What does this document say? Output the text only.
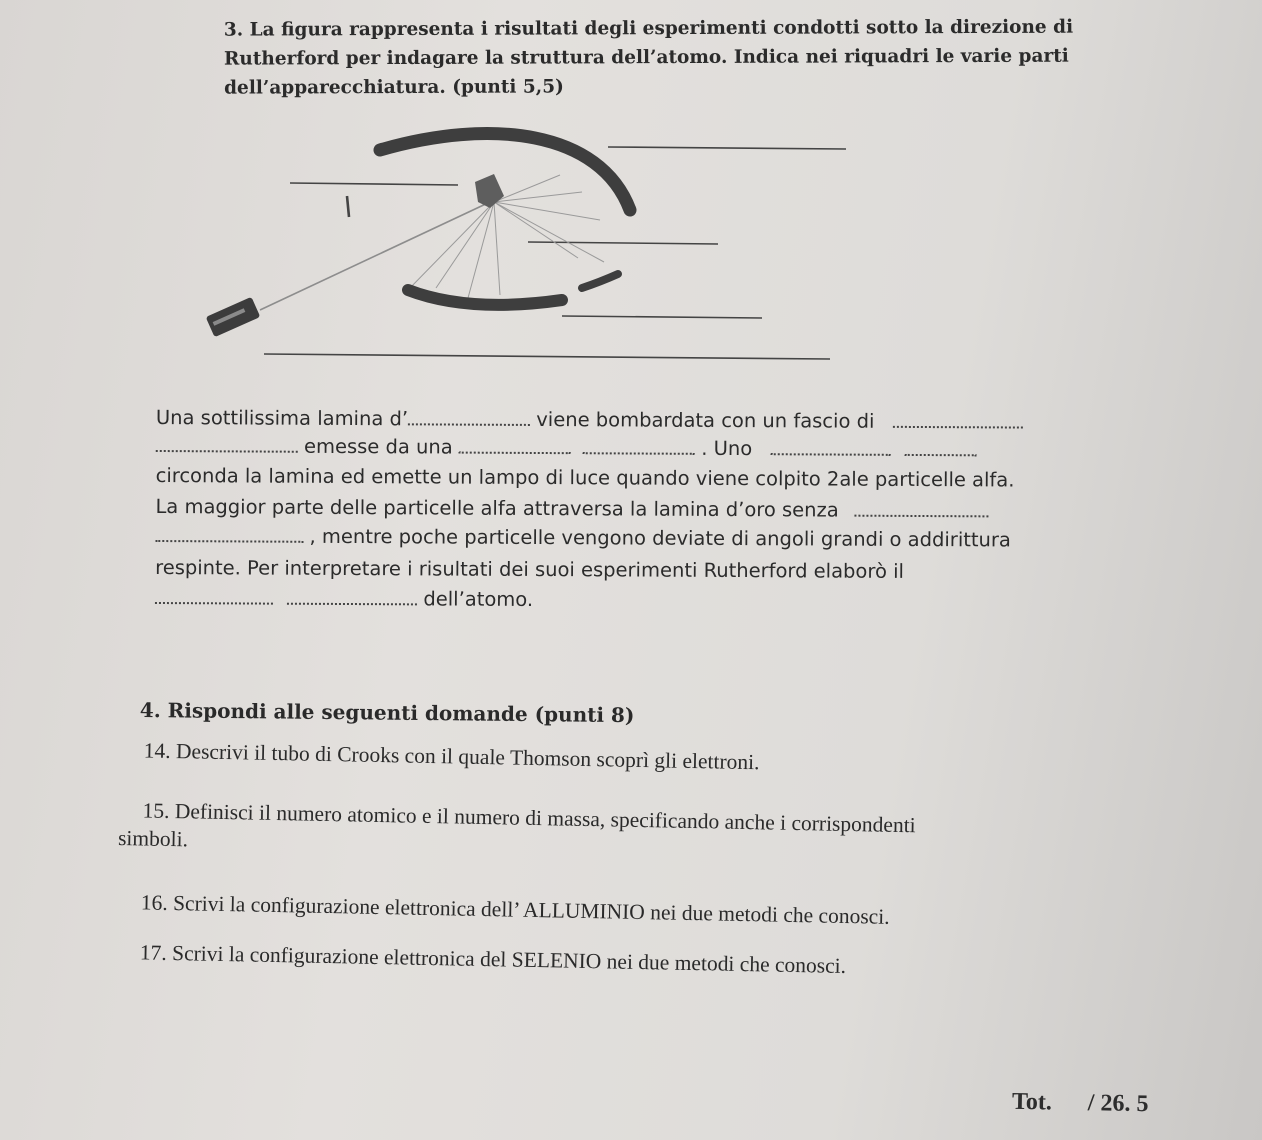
3. La figura rappresenta i risultati degli esperimenti condotti sotto la direzione di
Rutherford per indagare la struttura dell’atomo. Indica nei riquadri le varie parti
dell’apparecchiatura. (punti 5,5)
Una sottilissima lamina d’	viene bombardata con un fascio di
emesse da una	. Uno
circonda la lamina ed emette un lampo di luce quando viene colpito 2ale particelle alfa.
La maggior parte delle particelle alfa attraversa la lamina d’oro senza
, mentre poche particelle vengono deviate di angoli grandi o addirittura
respinte. Per interpretare i risultati dei suoi esperimenti Rutherford elaborò il
dell’atomo.
4. Rispondi alle seguenti domande (punti 8)
14. Descrivi il tubo di Crooks con il quale Thomson scoprì gli elettroni.
15. Definisci il numero atomico e il numero di massa, specificando anche i corrispondenti
simboli.
16. Scrivi la configurazione elettronica dell’ ALLUMINIO nei due metodi che conosci.
17. Scrivi la configurazione elettronica del SELENIO nei due metodi che conosci.
Tot. / 26. 5
